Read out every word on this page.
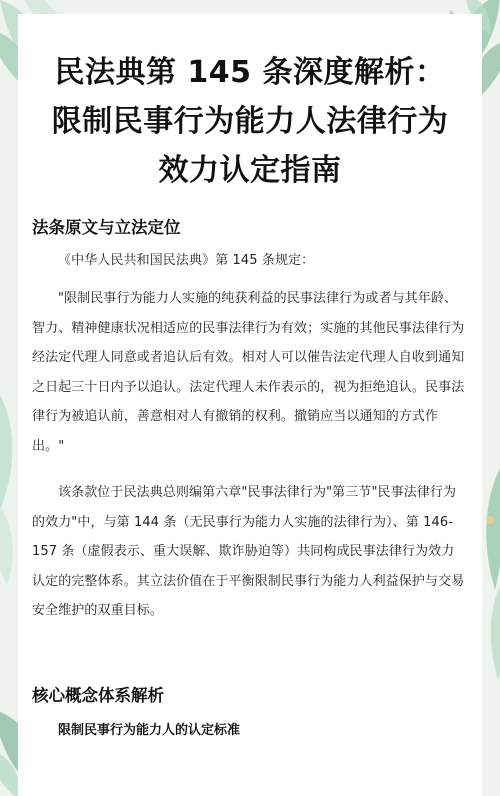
民法典第 145 条深度解析：限制民事行为能力人法律行为效力认定指南
法条原文与立法定位

《中华人民共和国民法典》第 145 条规定：

"限制民事行为能力人实施的纯获利益的民事法律行为或者与其年龄、智力、精神健康状况相适应的民事法律行为有效；实施的其他民事法律行为经法定代理人同意或者追认后有效。相对人可以催告法定代理人自收到通知之日起三十日内予以追认。法定代理人未作表示的，视为拒绝追认。民事法律行为被追认前，善意相对人有撤销的权利。撤销应当以通知的方式作出。"

该条款位于民法典总则编第六章"民事法律行为"第三节"民事法律行为的效力"中，与第 144 条（无民事行为能力人实施的法律行为）、第 146-157 条（虚假表示、重大误解、欺诈胁迫等）共同构成民事法律行为效力认定的完整体系。其立法价值在于平衡限制民事行为能力人利益保护与交易安全维护的双重目标。

核心概念体系解析
限制民事行为能力人的认定标准
